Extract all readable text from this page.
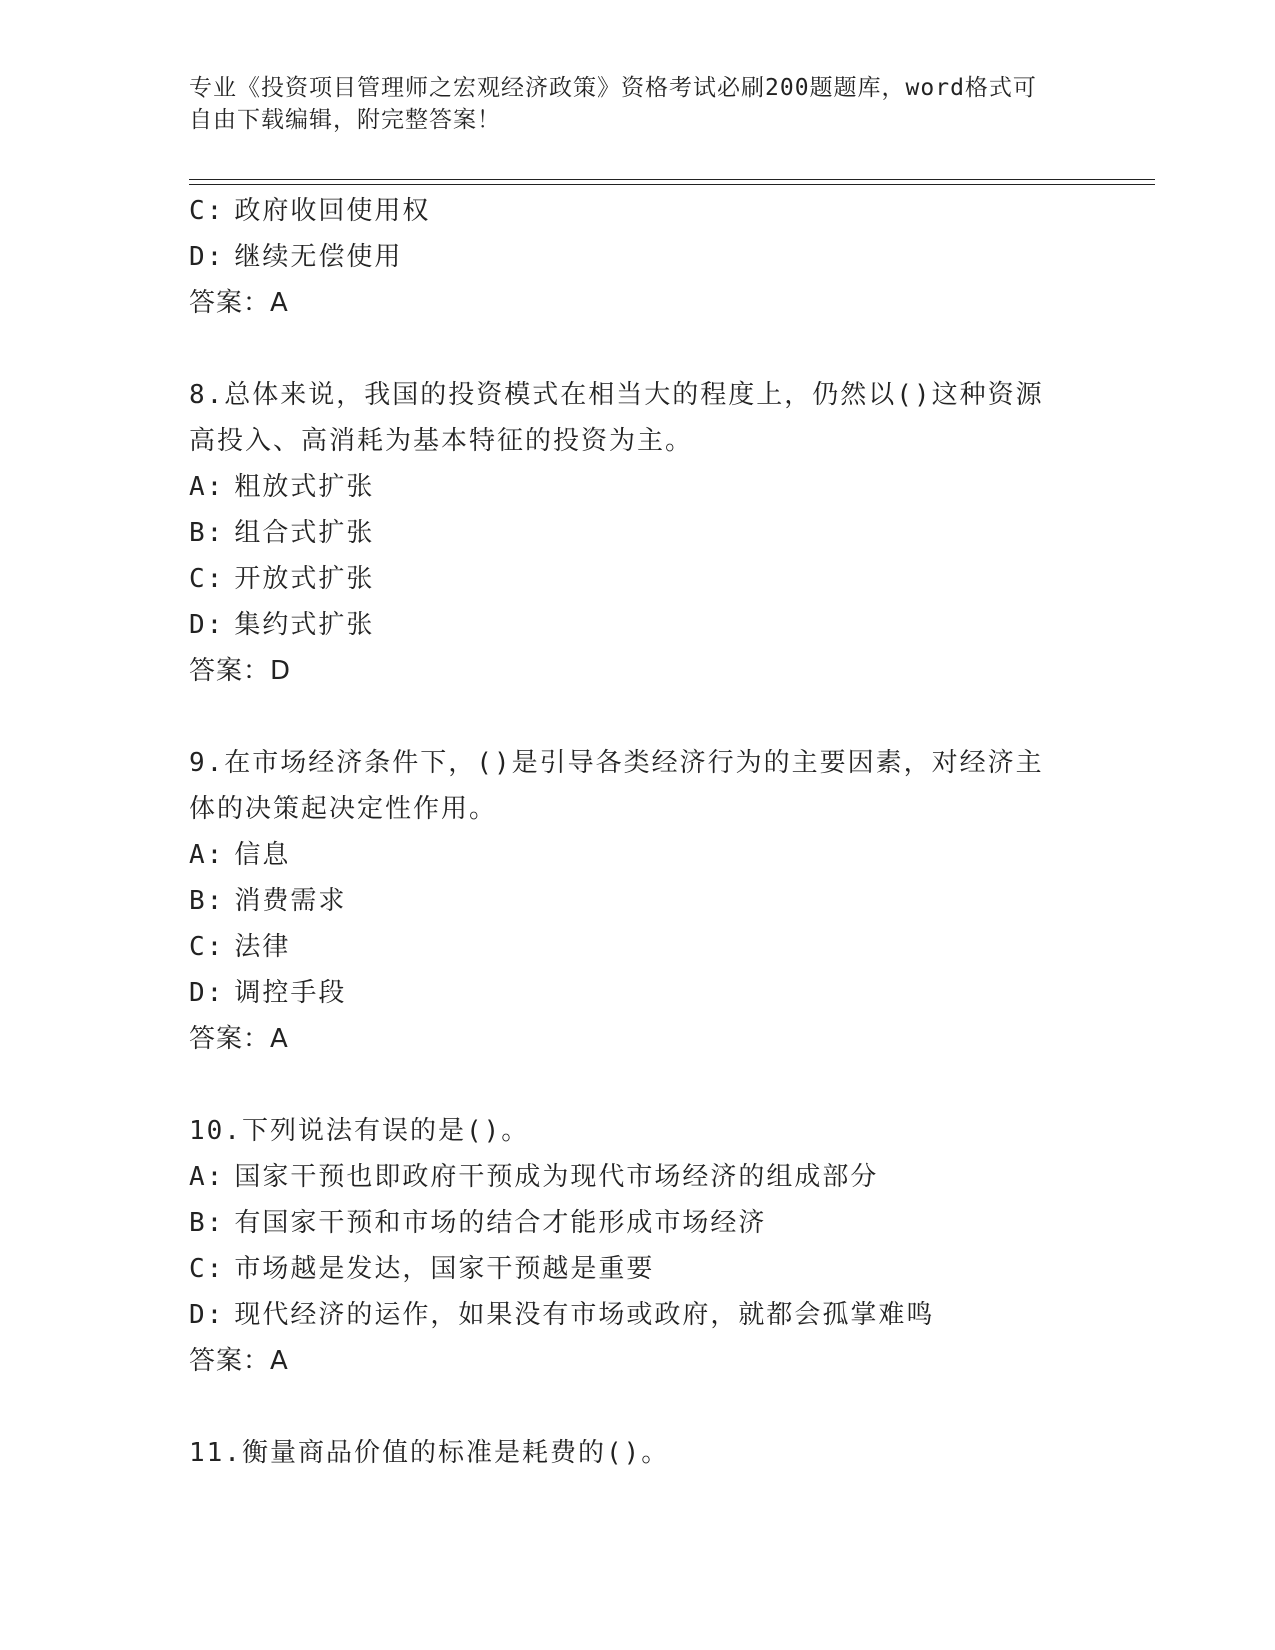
专业《投资项目管理师之宏观经济政策》资格考试必刷200题题库，word格式可
自由下载编辑，附完整答案！
C: 政府收回使用权
D: 继续无偿使用
答案：A
8.总体来说，我国的投资模式在相当大的程度上，仍然以()这种资源
高投入、高消耗为基本特征的投资为主。
A: 粗放式扩张
B: 组合式扩张
C: 开放式扩张
D: 集约式扩张
答案：D
9.在市场经济条件下，()是引导各类经济行为的主要因素，对经济主
体的决策起决定性作用。
A: 信息
B: 消费需求
C: 法律
D: 调控手段
答案：A
10.下列说法有误的是()。
A: 国家干预也即政府干预成为现代市场经济的组成部分
B: 有国家干预和市场的结合才能形成市场经济
C: 市场越是发达，国家干预越是重要
D: 现代经济的运作，如果没有市场或政府，就都会孤掌难鸣
答案：A
11.衡量商品价值的标准是耗费的()。
